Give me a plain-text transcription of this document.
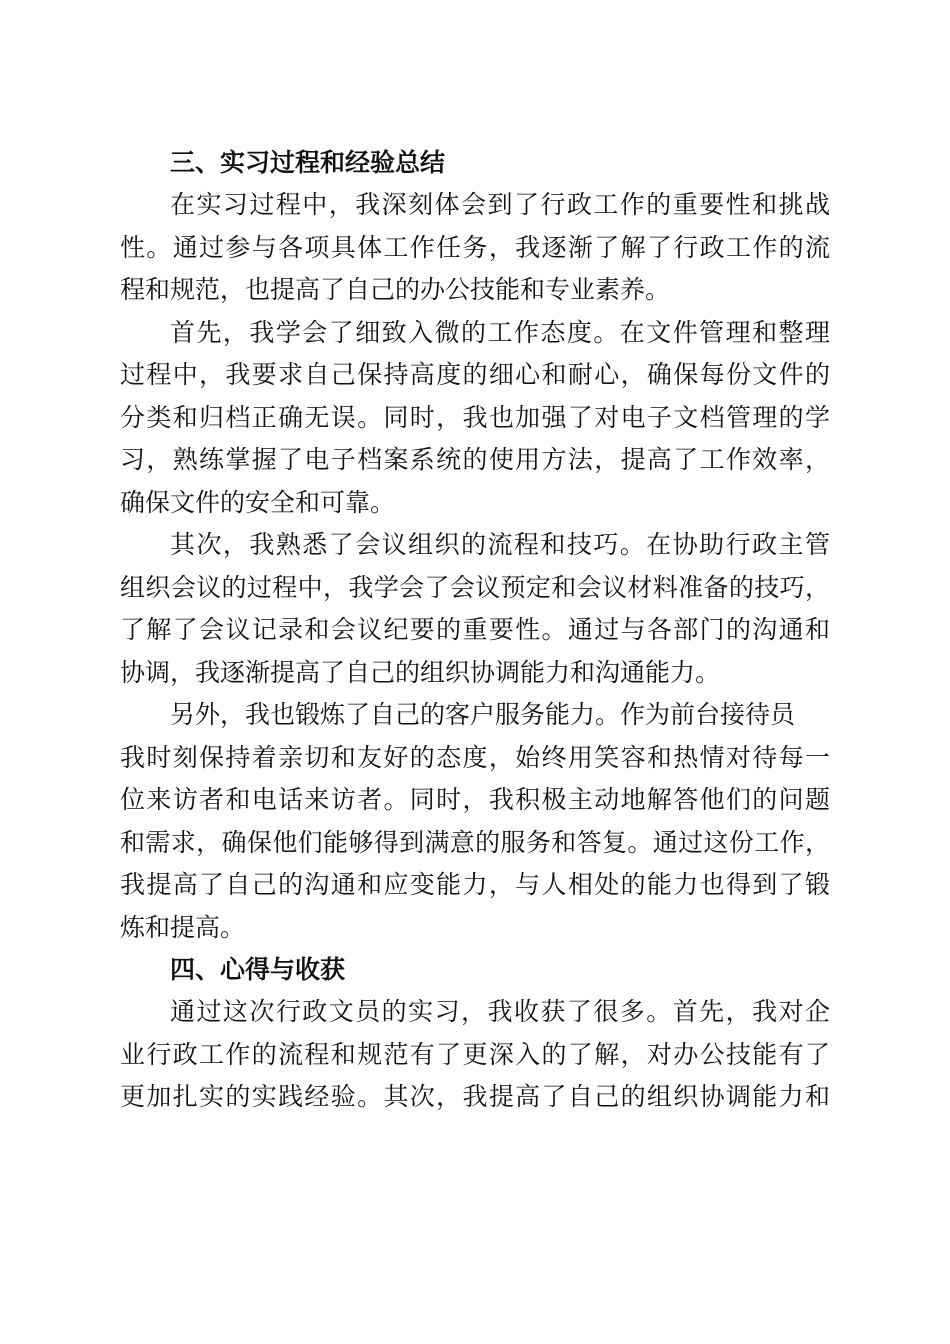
三、实习过程和经验总结
在实习过程中，我深刻体会到了行政工作的重要性和挑战
性。通过参与各项具体工作任务，我逐渐了解了行政工作的流
程和规范，也提高了自己的办公技能和专业素养。
首先，我学会了细致入微的工作态度。在文件管理和整理
过程中，我要求自己保持高度的细心和耐心，确保每份文件的
分类和归档正确无误。同时，我也加强了对电子文档管理的学
习，熟练掌握了电子档案系统的使用方法，提高了工作效率，
确保文件的安全和可靠。
其次，我熟悉了会议组织的流程和技巧。在协助行政主管
组织会议的过程中，我学会了会议预定和会议材料准备的技巧，
了解了会议记录和会议纪要的重要性。通过与各部门的沟通和
协调，我逐渐提高了自己的组织协调能力和沟通能力。
另外，我也锻炼了自己的客户服务能力。作为前台接待员
我时刻保持着亲切和友好的态度，始终用笑容和热情对待每一
位来访者和电话来访者。同时，我积极主动地解答他们的问题
和需求，确保他们能够得到满意的服务和答复。通过这份工作，
我提高了自己的沟通和应变能力，与人相处的能力也得到了锻
炼和提高。
四、心得与收获
通过这次行政文员的实习，我收获了很多。首先，我对企
业行政工作的流程和规范有了更深入的了解，对办公技能有了
更加扎实的实践经验。其次，我提高了自己的组织协调能力和
